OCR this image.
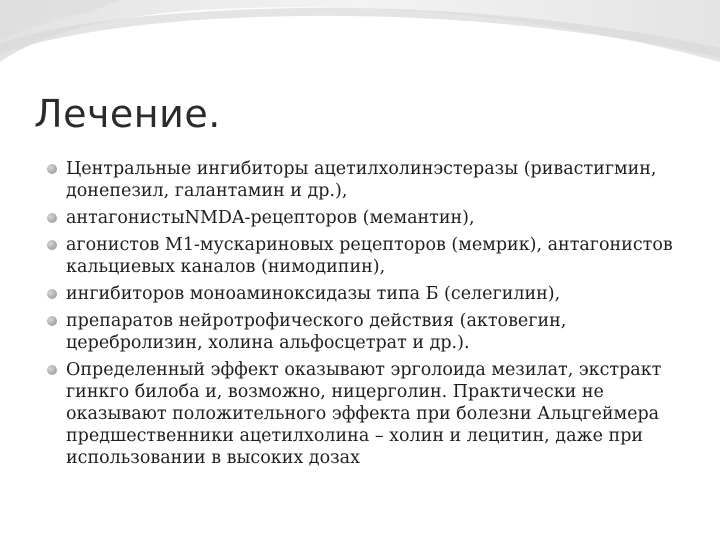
Лечение.
Центральные ингибиторы ацетилхолинэстеразы (ривастигмин, донепезил, галантамин и др.),
антагонистыNMDA-рецепторов (мемантин),
агонистов М1-мускариновых рецепторов (мемрик), антагонистов кальциевых каналов (нимодипин),
ингибиторов моноаминоксидазы типа Б (селегилин),
препаратов нейротрофического действия (актовегин, церебролизин, холина альфосцетрат и др.).
Определенный эффект оказывают эрголоида мезилат, экстракт гинкго билоба и, возможно, ницерголин. Практически не оказывают положительного эффекта при болезни Альцгеймера предшественники ацетилхолина – холин и лецитин, даже при использовании в высоких дозах
